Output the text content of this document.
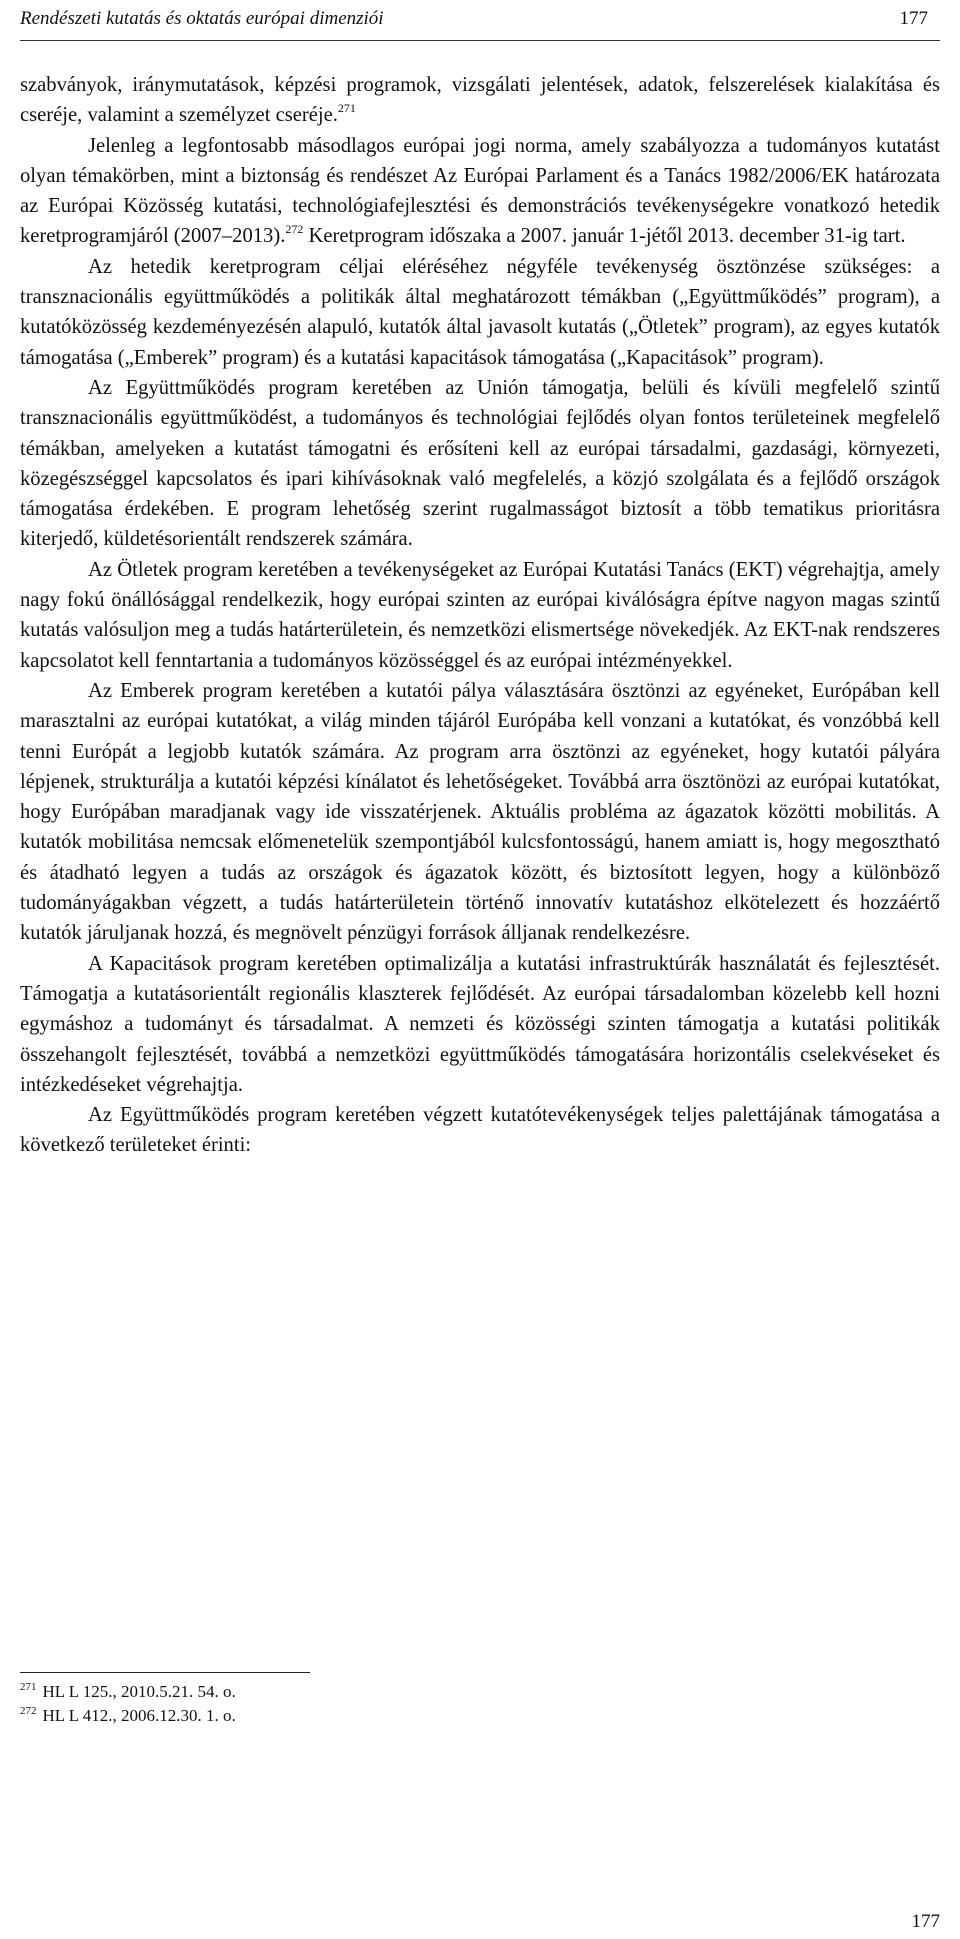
Rendészeti kutatás és oktatás európai dimenziói	177

szabványok, iránymutatások, képzési programok, vizsgálati jelentések, adatok, felszerelések kialakítása és cseréje, valamint a személyzet cseréje.$^{271}$

Jelenleg a legfontosabb másodlagos európai jogi norma, amely szabályozza a tudományos kutatást olyan témakörben, mint a biztonság és rendészet Az Európai Parlament és a Tanács 1982/2006/EK határozata az Európai Közösség kutatási, technológiafejlesztési és demonstrációs tevékenységekre vonatkozó hetedik keretprogramjáról (2007–2013).$^{272}$ Keretprogram időszaka a 2007. január 1-jétől 2013. december 31-ig tart.

Az hetedik keretprogram céljai eléréséhez négyféle tevékenység ösztönzése szükséges: a transznacionális együttműködés a politikák által meghatározott témákban („Együttműködés” program), a kutatóközösség kezdeményezésén alapuló, kutatók által javasolt kutatás („Ötletek” program), az egyes kutatók támogatása („Emberek” program) és a kutatási kapacitások támogatása („Kapacitások” program).

Az Együttműködés program keretében az Unión támogatja, belüli és kívüli megfelelő szintű transznacionális együttműködést, a tudományos és technológiai fejlődés olyan fontos területeinek megfelelő témákban, amelyeken a kutatást támogatni és erősíteni kell az európai társadalmi, gazdasági, környezeti, közegészséggel kapcsolatos és ipari kihívásoknak való megfelelés, a közjó szolgálata és a fejlődő országok támogatása érdekében. E program lehetőség szerint rugalmasságot biztosít a több tematikus prioritásra kiterjedő, küldetésorientált rendszerek számára.

Az Ötletek program keretében a tevékenységeket az Európai Kutatási Tanács (EKT) végrehajtja, amely nagy fokú önállósággal rendelkezik, hogy európai szinten az európai kiválóságra építve nagyon magas szintű kutatás valósuljon meg a tudás határterületein, és nemzetközi elismertsége növekedjék. Az EKT-nak rendszeres kapcsolatot kell fenntartania a tudományos közösséggel és az európai intézményekkel.

Az Emberek program keretében a kutatói pálya választására ösztönzi az egyéneket, Európában kell marasztalni az európai kutatókat, a világ minden tájáról Európába kell vonzani a kutatókat, és vonzóbbá kell tenni Európát a legjobb kutatók számára. Az program arra ösztönzi az egyéneket, hogy kutatói pályára lépjenek, strukturálja a kutatói képzési kínálatot és lehetőségeket. Továbbá arra ösztönözi az európai kutatókat, hogy Európában maradjanak vagy ide visszatérjenek. Aktuális probléma az ágazatok közötti mobilitás. A kutatók mobilitása nemcsak előmenetelük szempontjából kulcsfontosságú, hanem amiatt is, hogy megosztható és átadható legyen a tudás az országok és ágazatok között, és biztosított legyen, hogy a különböző tudományágakban végzett, a tudás határterületein történő innovatív kutatáshoz elkötelezett és hozzáértő kutatók járuljanak hozzá, és megnövelt pénzügyi források álljanak rendelkezésre.

A Kapacitások program keretében optimalizálja a kutatási infrastruktúrák használatát és fejlesztését. Támogatja a kutatásorientált regionális klaszterek fejlődését. Az európai társadalomban közelebb kell hozni egymáshoz a tudományt és társadalmat. A nemzeti és közösségi szinten támogatja a kutatási politikák összehangolt fejlesztését, továbbá a nemzetközi együttműködés támogatására horizontális cselekvéseket és intézkedéseket végrehajtja.

Az Együttműködés program keretében végzett kutatótevékenységek teljes palettájának támogatása a következő területeket érinti:

$^{271}$ HL L 125., 2010.5.21. 54. o.

$^{272}$ HL L 412., 2006.12.30. 1. o.

177
